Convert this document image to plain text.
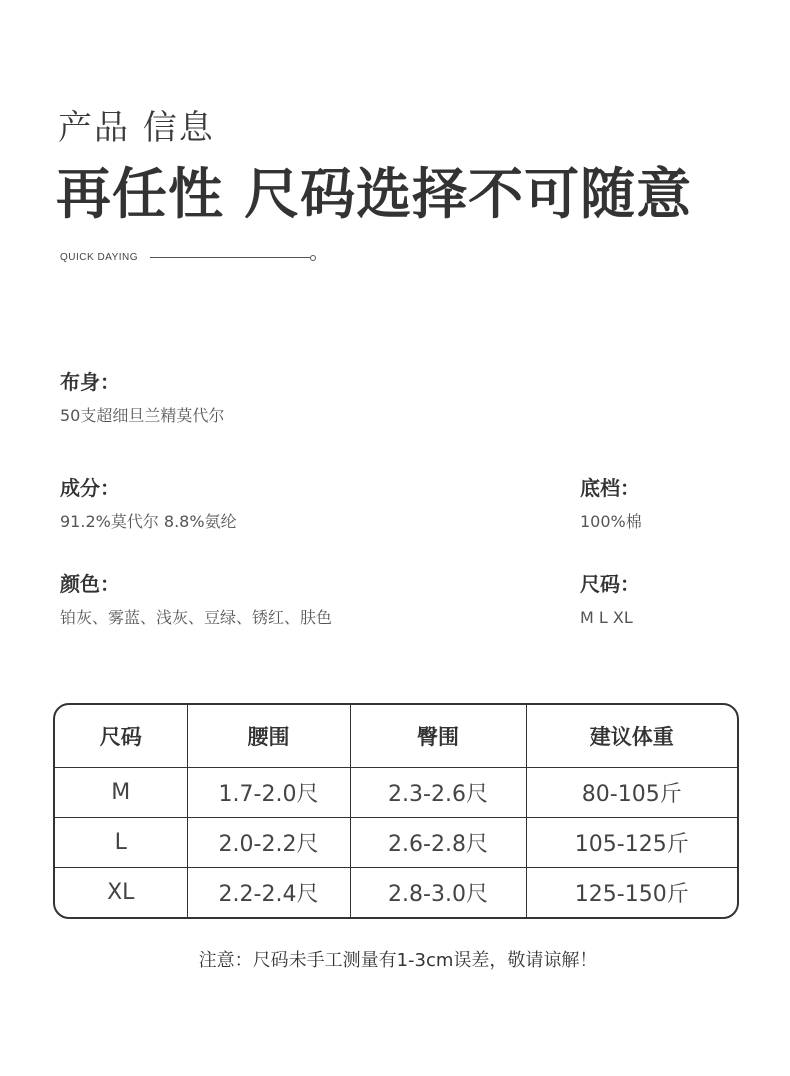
产品 信息
再任性 尺码选择不可随意
QUICK DAYING
布身：
50支超细旦兰精莫代尔
成分：
91.2%莫代尔 8.8%氨纶
底档：
100%棉
颜色：
铂灰、雾蓝、浅灰、豆绿、锈红、肤色
尺码：
M L XL
尺码	腰围	臀围	建议体重
M	1.7-2.0尺	2.3-2.6尺	80-105斤
L	2.0-2.2尺	2.6-2.8尺	105-125斤
XL	2.2-2.4尺	2.8-3.0尺	125-150斤
注意：尺码未手工测量有1-3cm误差，敬请谅解！
